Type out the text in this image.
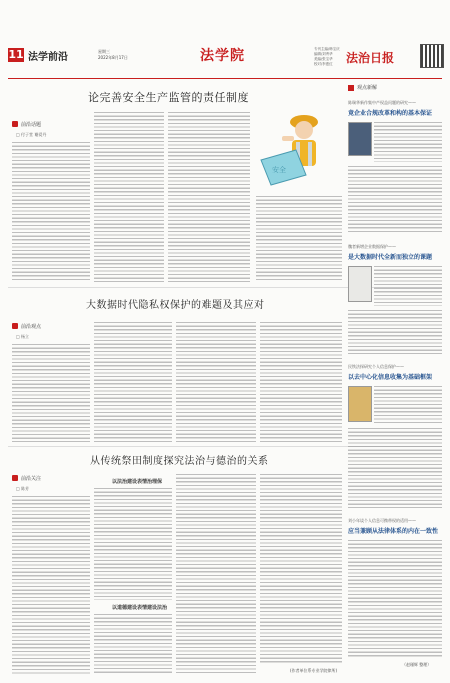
11 法学前沿
星期三
2022年8月17日	法学院	专刊主编/韩宝庆
编辑/刘秀华
美编/张宝华
校对/李惠红	法治日报
论完善安全生产监管的责任制度
前沿话题
□ 付子堂 谢爱丹
安全
大数据时代隐私权保护的难题及其应对
前沿观点
□ 杨立
从传统祭田制度探究法治与德治的关系
前沿关注
□ 陈芳
以法治建设表情治理保
以道德建设表情建设法治
(作者单位系专业学院律所)
观点新解
陈瑞华新作集中产权益问题的研究——
竟企业合规改革和构的基本保证
魏者新增企业数据保护——
是大数据时代全新而独立的课题
民铁法探研究个人信息保护——
以去中心化信息收集为基础框架
刘小年谈个人信息可携带权的适用——
应当兼顾从法律体系的内在一致性
（赵瑾辉 整理）
